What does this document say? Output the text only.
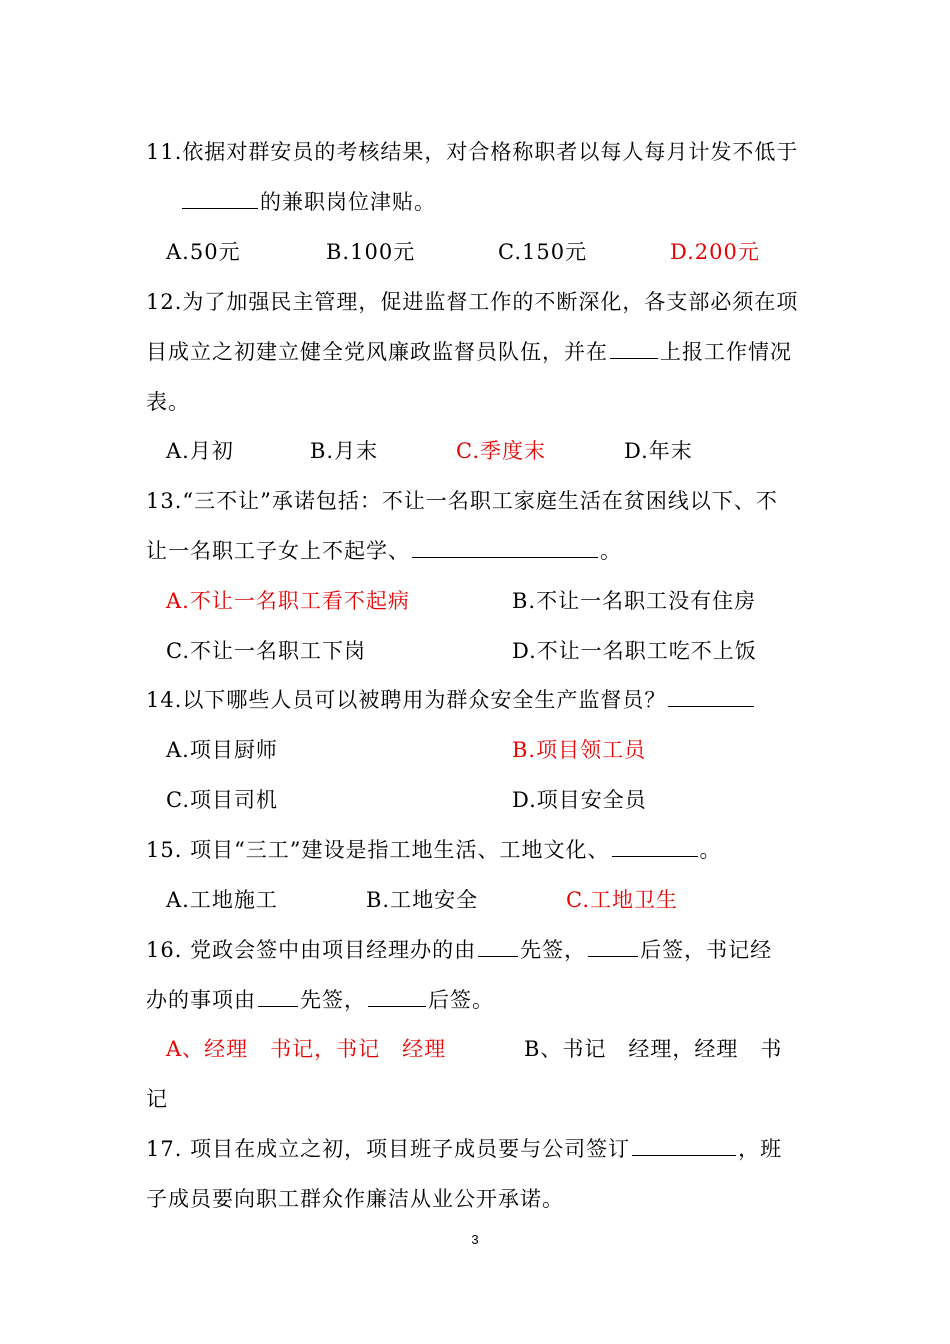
11.依据对群安员的考核结果，对合格称职者以每人每月计发不低于
的兼职岗位津贴。
A.50元	B.100元	C.150元	D.200元
12.为了加强民主管理，促进监督工作的不断深化，各支部必须在项
目成立之初建立健全党风廉政监督员队伍，并在 上报工作情况
表。
A.月初	B.月末	C.季度末	D.年末
13.“三不让”承诺包括：不让一名职工家庭生活在贫困线以下、不
让一名职工子女上不起学、	。
A.不让一名职工看不起病	B.不让一名职工没有住房
C.不让一名职工下岗	D.不让一名职工吃不上饭
14.以下哪些人员可以被聘用为群众安全生产监督员？
A.项目厨师	B.项目领工员
C.项目司机	D.项目安全员
15. 项目“三工”建设是指工地生活、工地文化、	。
A.工地施工	B.工地安全	C.工地卫生
16. 党政会签中由项目经理办的由 先签，	后签，书记经
办的事项由 先签，	后签。
A、经理　书记，书记　经理	B、书记　经理，经理　书
记
17. 项目在成立之初，项目班子成员要与公司签订	，班
子成员要向职工群众作廉洁从业公开承诺。
3
